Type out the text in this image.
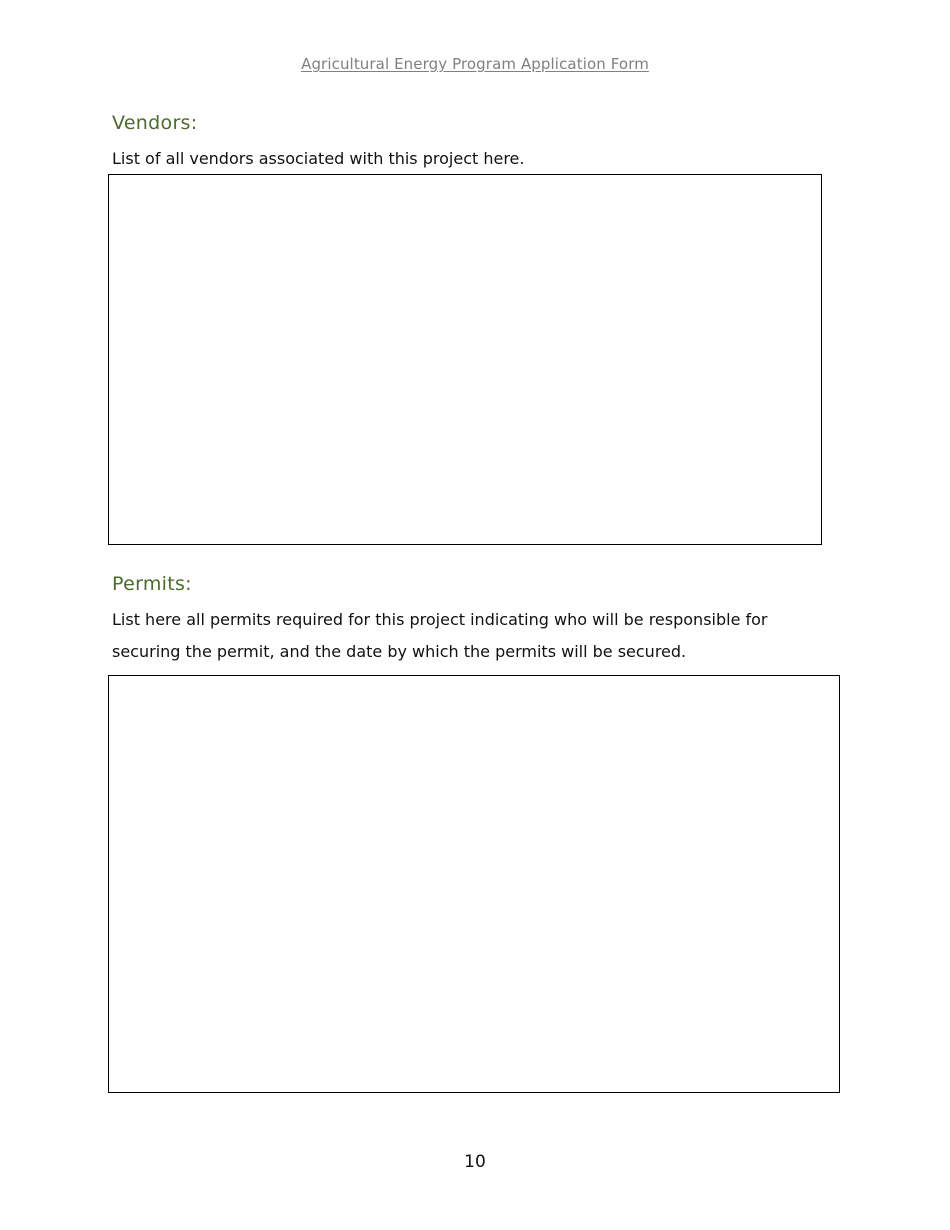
Agricultural Energy Program Application Form
Vendors:

List of all vendors associated with this project here.

Permits:

List here all permits required for this project indicating who will be responsible for securing the permit, and the date by which the permits will be secured.

10
